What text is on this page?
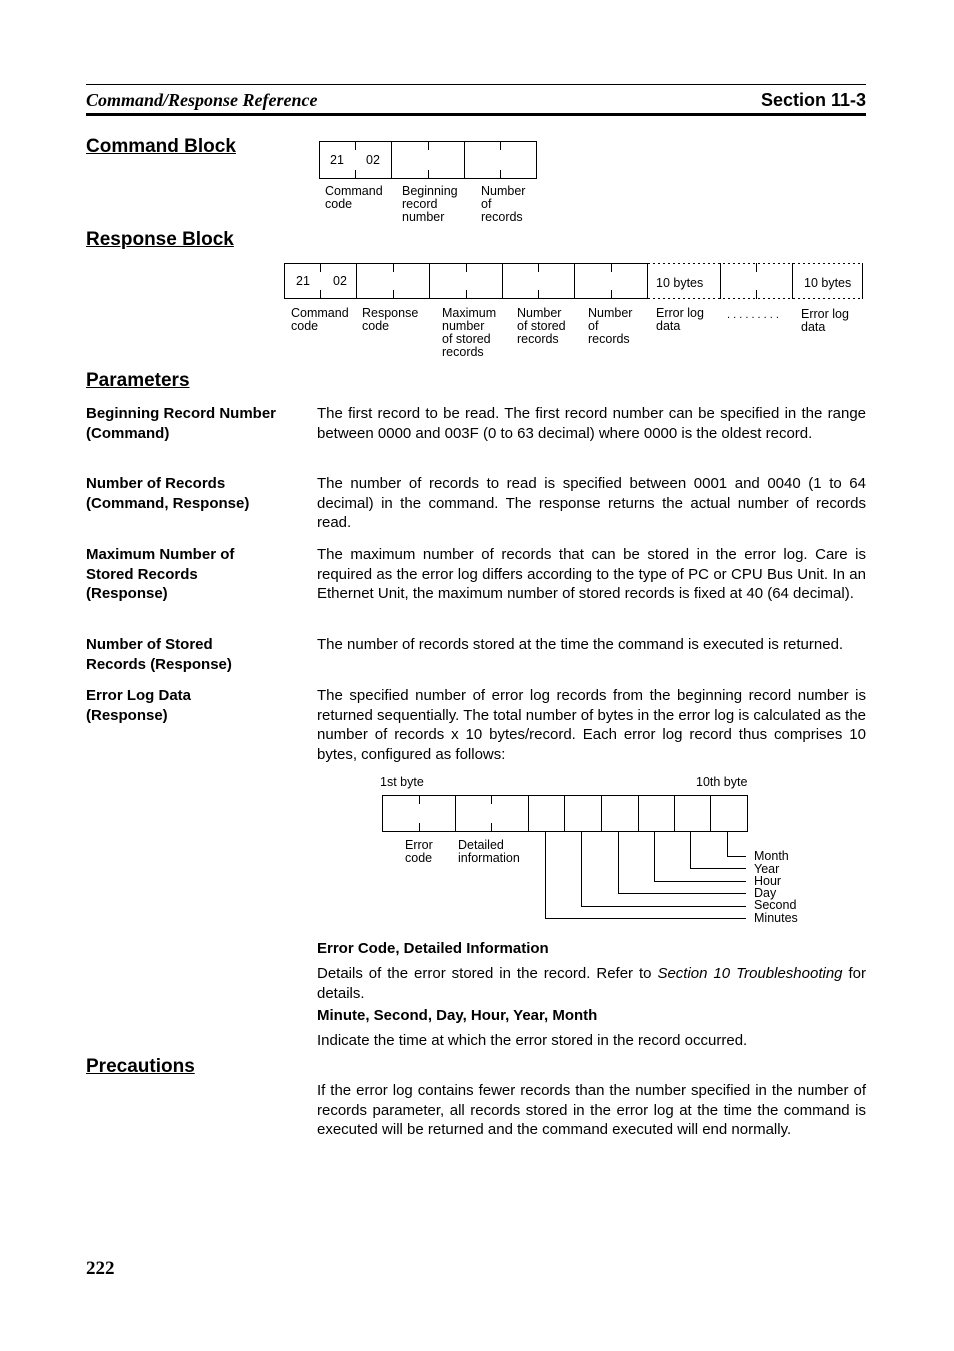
Command/Response Reference	Section 11-3
Command Block
21 02
Command
code
Beginning
record
number
Number
of
records
Response Block
21 02	10 bytes	10 bytes
Command
code
Response
code
Maximum
number
of stored
records
Number
of stored
records
Number
of
records
Error log
data
. . . . . . . . . Error log
data
Parameters
Beginning Record Number (Command)
The first record to be read. The first record number can be specified in the range between 0000 and 003F (0 to 63 decimal) where 0000 is the oldest record.
Number of Records (Command, Response)
The number of records to read is specified between 0001 and 0040 (1 to 64 decimal) in the command. The response returns the actual number of records read.
Maximum Number of Stored Records (Response)
The maximum number of records that can be stored in the error log. Care is required as the error log differs according to the type of PC or CPU Bus Unit. In an Ethernet Unit, the maximum number of stored records is fixed at 40 (64 decimal).
Number of Stored Records (Response)
The number of records stored at the time the command is executed is returned.
Error Log Data (Response)
The specified number of error log records from the beginning record number is returned sequentially. The total number of bytes in the error log is calculated as the number of records x 10 bytes/record. Each error log record thus comprises 10 bytes, configured as follows:
1st byte	10th byte
Error
code
Detailed
information	Month
Year
Hour
Day
Second
Minutes
Error Code, Detailed Information
Details of the error stored in the record. Refer to Section 10 Troubleshooting for details.
Minute, Second, Day, Hour, Year, Month
Indicate the time at which the error stored in the record occurred.
Precautions
If the error log contains fewer records than the number specified in the number of records parameter, all records stored in the error log at the time the command is executed will be returned and the command executed will end normally.
222
